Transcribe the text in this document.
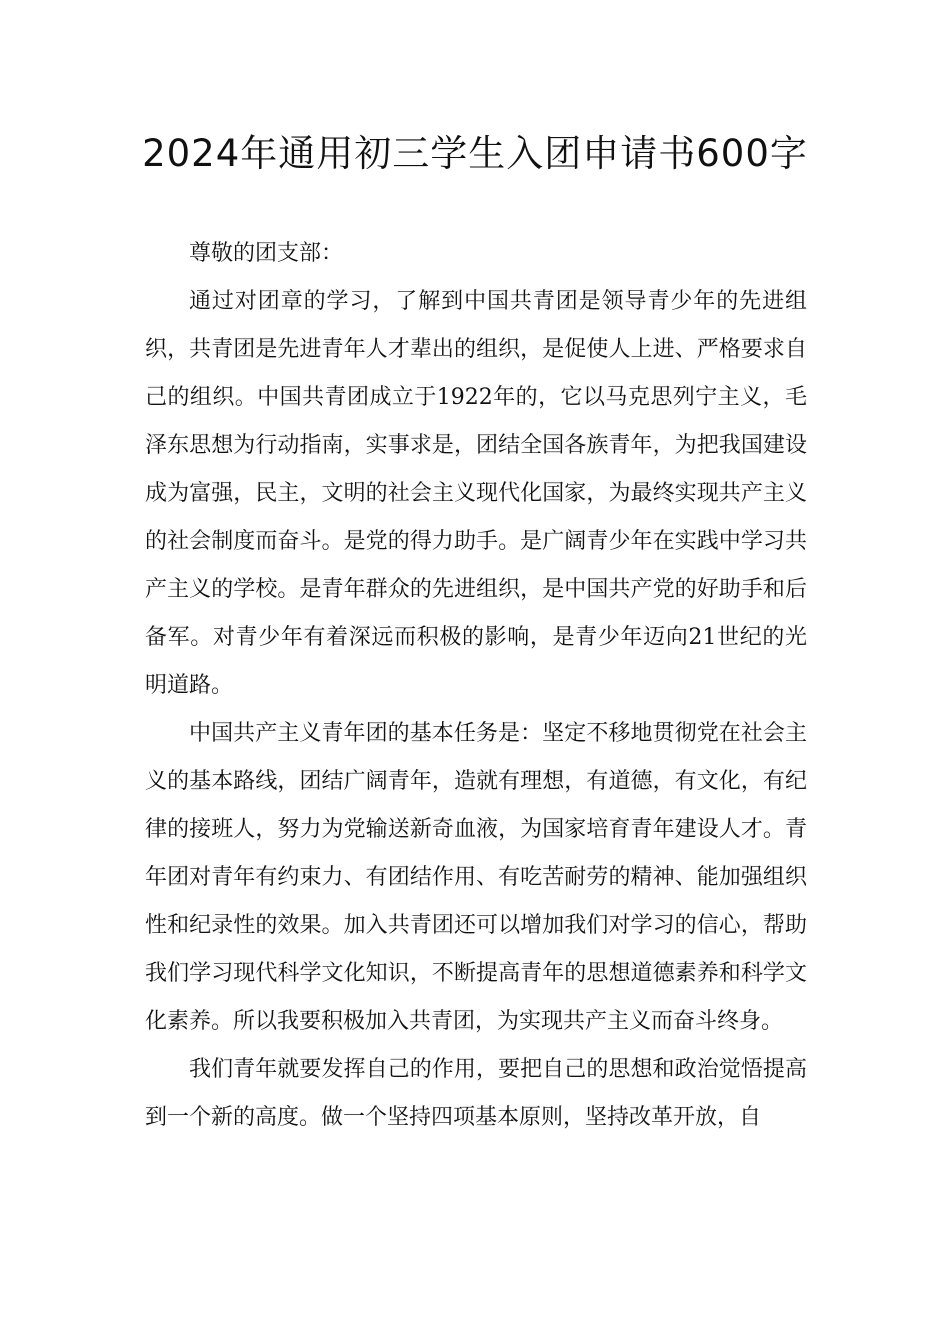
2024年通用初三学生入团申请书600字

尊敬的团支部：

通过对团章的学习，了解到中国共青团是领导青少年的先进组织，共青团是先进青年人才辈出的组织，是促使人上进、严格要求自己的组织。中国共青团成立于1922年的，它以马克思列宁主义，毛泽东思想为行动指南，实事求是，团结全国各族青年，为把我国建设成为富强，民主，文明的社会主义现代化国家，为最终实现共产主义的社会制度而奋斗。是党的得力助手。是广阔青少年在实践中学习共产主义的学校。是青年群众的先进组织，是中国共产党的好助手和后备军。对青少年有着深远而积极的影响，是青少年迈向21世纪的光明道路。

中国共产主义青年团的基本任务是：坚定不移地贯彻党在社会主义的基本路线，团结广阔青年，造就有理想，有道德，有文化，有纪律的接班人，努力为党输送新奇血液，为国家培育青年建设人才。青年团对青年有约束力、有团结作用、有吃苦耐劳的精神、能加强组织性和纪录性的效果。加入共青团还可以增加我们对学习的信心，帮助我们学习现代科学文化知识，不断提高青年的思想道德素养和科学文化素养。所以我要积极加入共青团，为实现共产主义而奋斗终身。

我们青年就要发挥自己的作用，要把自己的思想和政治觉悟提高到一个新的高度。做一个坚持四项基本原则，坚持改革开放，自
